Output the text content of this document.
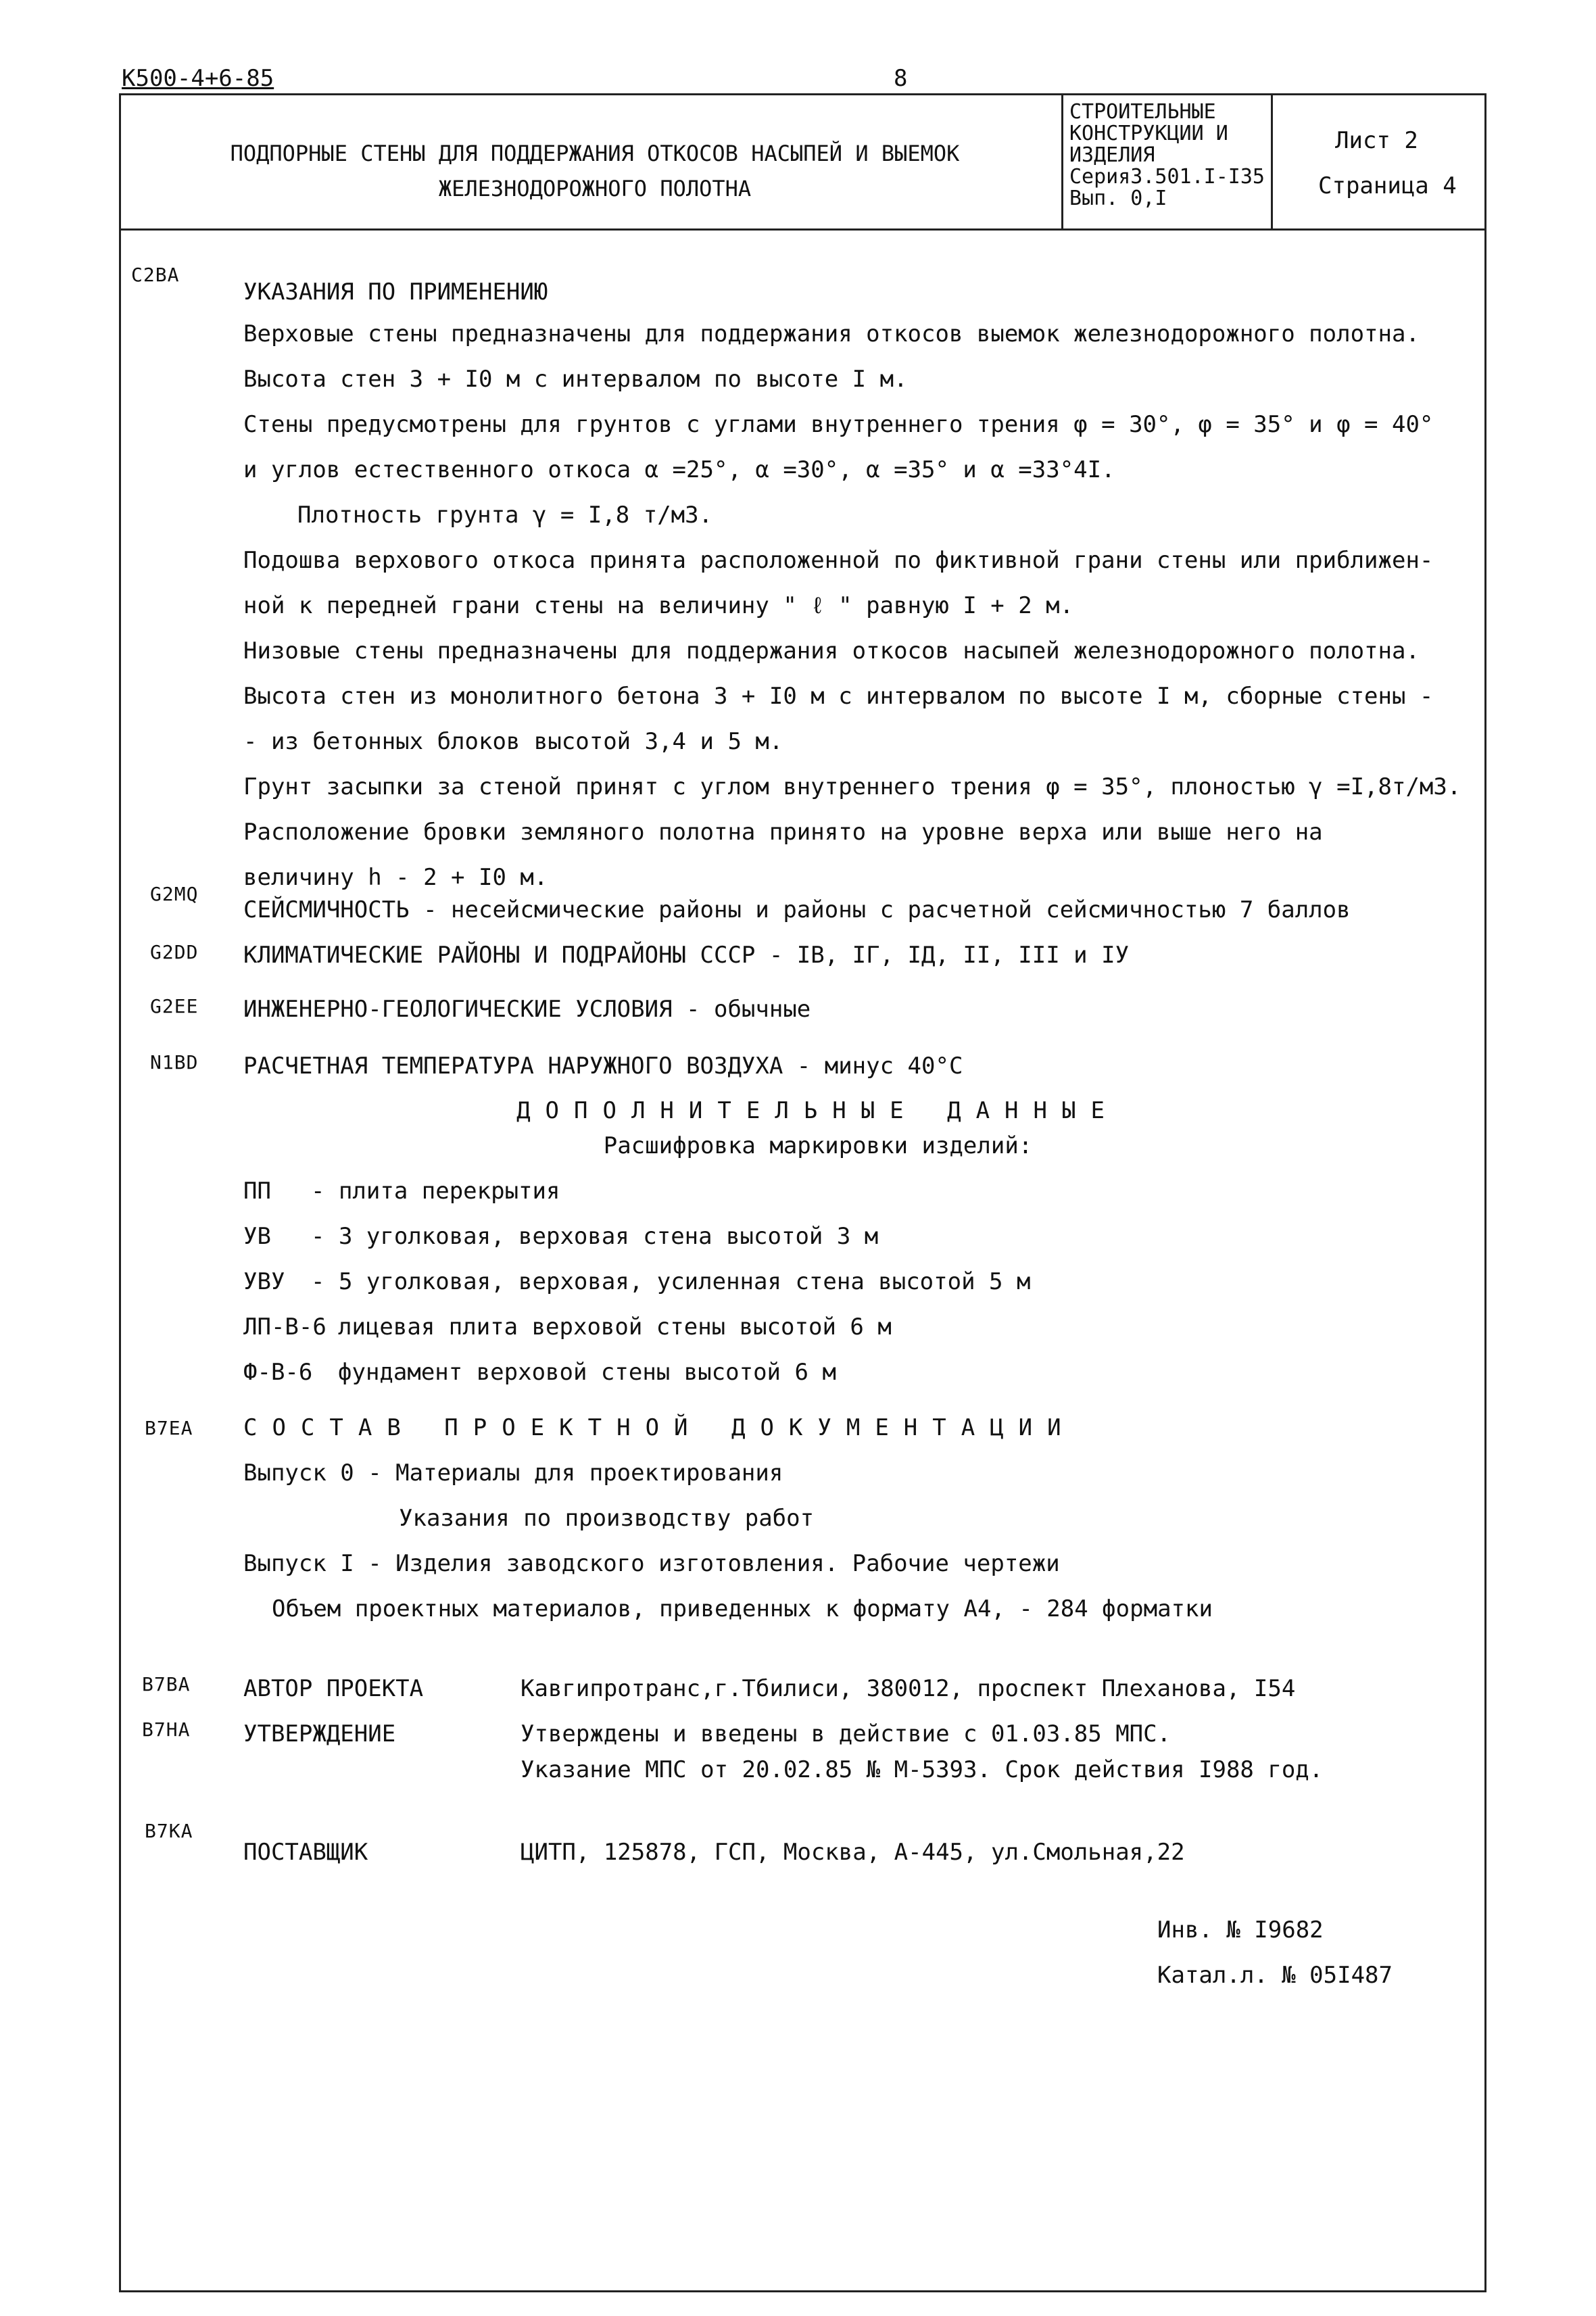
К500-4+6-85	8
ПОДПОРНЫЕ СТЕНЫ ДЛЯ ПОДДЕРЖАНИЯ ОТКОСОВ НАСЫПЕЙ И ВЫЕМОК
ЖЕЛЕЗНОДОРОЖНОГО ПОЛОТНА
СТРОИТЕЛЬНЫЕ
КОНСТРУКЦИИ И
ИЗДЕЛИЯ
Серия3.501.I-I35
Вып. 0,I
Лист 2
Страница 4
C2BA
УКАЗАНИЯ ПО ПРИМЕНЕНИЮ
Верховые стены предназначены для поддержания откосов выемок железнодорожного полотна.
Высота стен 3 + I0 м с интервалом по высоте I м.
Стены предусмотрены для грунтов с углами внутреннего трения φ = 30°, φ = 35° и φ = 40°
и углов естественного откоса α =25°, α =30°, α =35° и α =33°4I.
Плотность грунта γ = I,8 т/м3.
Подошва верхового откоса принята расположенной по фиктивной грани стены или приближен-
ной к передней грани стены на величину " ℓ " равную I + 2 м.
Низовые стены предназначены для поддержания откосов насыпей железнодорожного полотна.
Высота стен из монолитного бетона 3 + I0 м с интервалом по высоте I м, сборные стены -
- из бетонных блоков высотой 3,4 и 5 м.
Грунт засыпки за стеной принят с углом внутреннего трения φ = 35°, плоностью γ =I,8т/м3.
Расположение бровки земляного полотна принято на уровне верха или выше него на
величину h - 2 + I0 м.
G2MQ
СЕЙСМИЧНОСТЬ - несейсмические районы и районы с расчетной сейсмичностью 7 баллов
G2DD КЛИМАТИЧЕСКИЕ РАЙОНЫ И ПОДРАЙОНЫ СССР - IВ, IГ, IД, II, III и IУ
G2EE ИНЖЕНЕРНО-ГЕОЛОГИЧЕСКИЕ УСЛОВИЯ - обычные
N1BD РАСЧЕТНАЯ ТЕМПЕРАТУРА НАРУЖНОГО ВОЗДУХА - минус 40°С
ДОПОЛНИТЕЛЬНЫЕ ДАННЫЕ
Расшифровка маркировки изделий:
ПП - плита перекрытия
УВ - 3 уголковая, верховая стена высотой 3 м
УВУ - 5 уголковая, верховая, усиленная стена высотой 5 м
ЛП-В-6 лицевая плита верховой стены высотой 6 м
Ф-В-6 фундамент верховой стены высотой 6 м
B7EA СОСТАВ ПРОЕКТНОЙ ДОКУМЕНТАЦИИ
Выпуск 0 - Материалы для проектирования
Указания по производству работ
Выпуск I - Изделия заводского изготовления. Рабочие чертежи
Объем проектных материалов, приведенных к формату А4, - 284 форматки
B7BA АВТОР ПРОЕКТА	Кавгипротранс,г.Тбилиси, 380012, проспект Плеханова, I54
B7HA УТВЕРЖДЕНИЕ	Утверждены и введены в действие с 01.03.85 МПС.
Указание МПС от 20.02.85 № М-5393. Срок действия I988 год.
B7KA
ПОСТАВЩИК	ЦИТП, 125878, ГСП, Москва, А-445, ул.Смольная,22
Инв. № I9682
Катал.л. № 05I487
